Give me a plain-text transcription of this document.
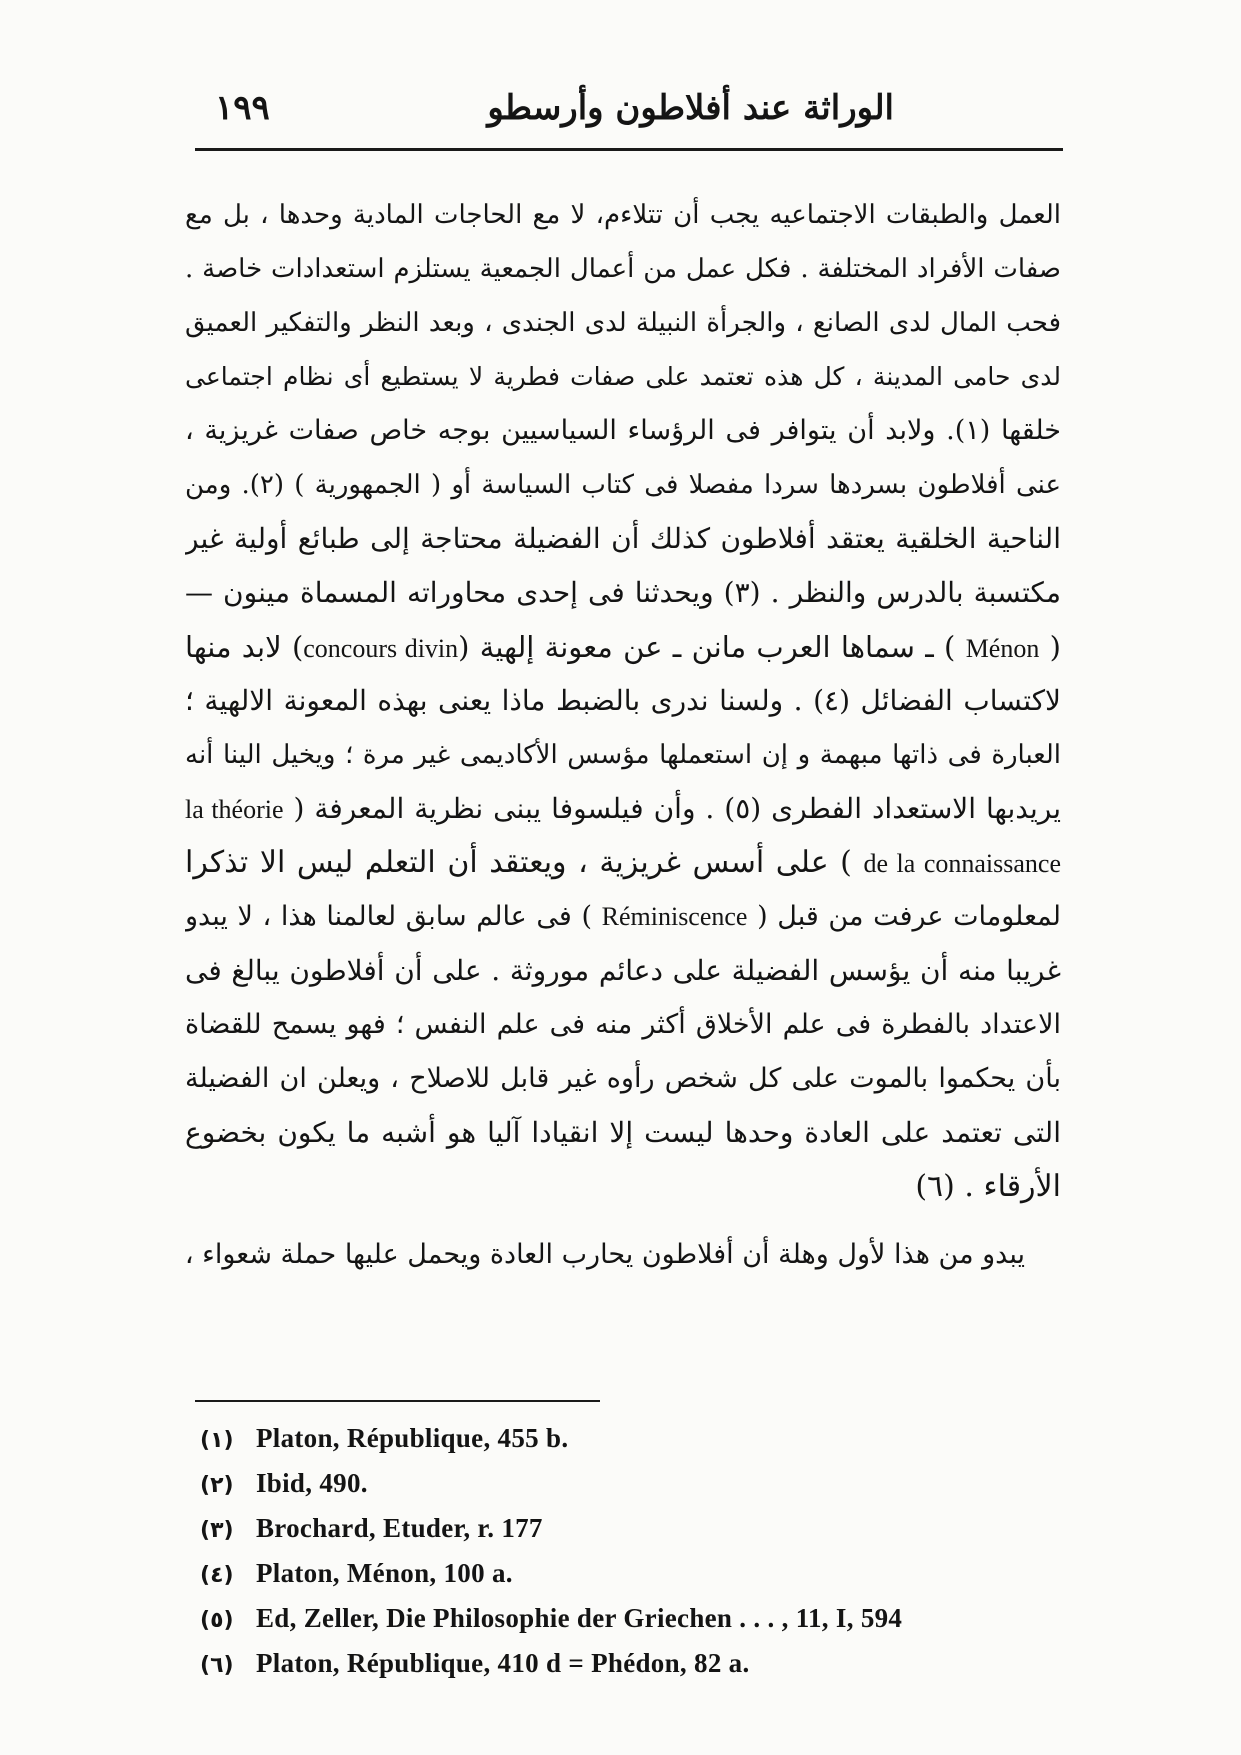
الوراثة عند أفلاطون وأرسطو
١٩٩
العمل والطبقات الاجتماعيه يجب أن تتلاءم، لا مع الحاجات المادية وحدها ، بل مع
صفات الأفراد المختلفة . فكل عمل من أعمال الجمعية يستلزم استعدادات خاصة .
فحب المال لدى الصانع ، والجرأة النبيلة لدى الجندى ، وبعد النظر والتفكير العميق
لدى حامى المدينة ، كل هذه تعتمد على صفات فطرية لا يستطيع أى نظام اجتماعى
خلقها (١). ولابد أن يتوافر فى الرؤساء السياسيين بوجه خاص صفات غريزية ،
عنى أفلاطون بسردها سردا مفصلا فى كتاب السياسة أو ( الجمهورية ) (٢). ومن
الناحية الخلقية يعتقد أفلاطون كذلك أن الفضيلة محتاجة إلى طبائع أولية غير
مكتسبة بالدرس والنظر . (٣) ويحدثنا فى إحدى محاوراته المسماة مينون —
( Ménon ) ـ سماها العرب مانن ـ عن معونة إلهية (concours divin) لابد منها
لاكتساب الفضائل (٤) . ولسنا ندرى بالضبط ماذا يعنى بهذه المعونة الالهية ؛
العبارة فى ذاتها مبهمة و إن استعملها مؤسس الأكاديمى غير مرة ؛ ويخيل الينا أنه
يريدبها الاستعداد الفطرى (٥) . وأن فيلسوفا يبنى نظرية المعرفة ( la théorie
de la connaissance ) على أسس غريزية ، ويعتقد أن التعلم ليس الا تذكرا
لمعلومات عرفت من قبل ( Réminiscence ) فى عالم سابق لعالمنا هذا ، لا يبدو
غريبا منه أن يؤسس الفضيلة على دعائم موروثة . على أن أفلاطون يبالغ فى
الاعتداد بالفطرة فى علم الأخلاق أكثر منه فى علم النفس ؛ فهو يسمح للقضاة
بأن يحكموا بالموت على كل شخص رأوه غير قابل للاصلاح ، ويعلن ان الفضيلة
التى تعتمد على العادة وحدها ليست إلا انقيادا آليا هو أشبه ما يكون بخضوع
الأرقاء . (٦)
يبدو من هذا لأول وهلة أن أفلاطون يحارب العادة ويحمل عليها حملة شعواء ،
(١) Platon, République, 455 b.
(٢) Ibid, 490.
(٣) Brochard, Etuder, r. 177
(٤) Platon, Ménon, 100 a.
(٥) Ed, Zeller, Die Philosophie der Griechen . . . , 11, I, 594
(٦) Platon, République, 410 d = Phédon, 82 a.
